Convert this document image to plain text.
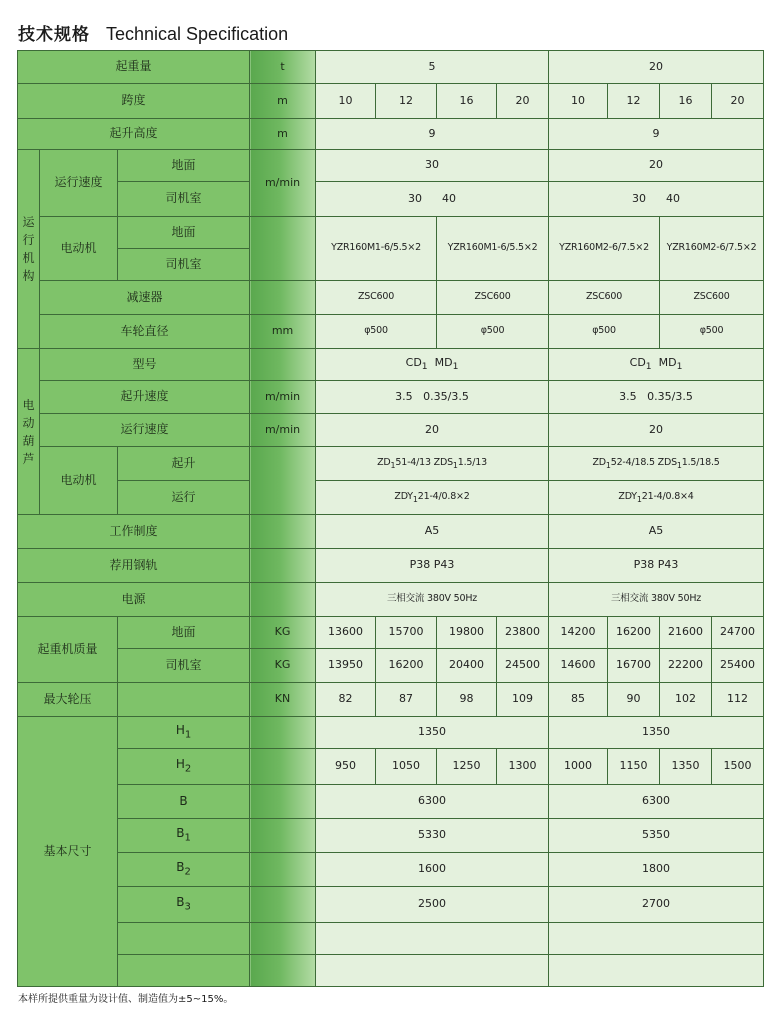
技术规格 Technical Specification
起重量			t	5				20			
跨度			m	10	12	16	20	10	12	16	20
起升高度			m	9				9			
运行机构	运行速度	地面	m/min	30				20			
		司机室		30 40				30 40			
	电动机	地面		YZR160M1-6/5.5×2		YZR160M1-6/5.5×2		YZR160M2-6/7.5×2		YZR160M2-6/7.5×2	
		司机室									
	减速器			ZSC600		ZSC600		ZSC600		ZSC600	
	车轮直径		mm	φ500		φ500		φ500		φ500	
电动葫芦	型号			$CD_1$ $MD_1$				$CD_1$ $MD_1$
	起升速度		m/min	3.5 0.35/3.5				3.5 0.35/3.5			
	运行速度		m/min	20				20			
	电动机	起升		$ZD_151-4/13$ $ZDS_11.5/13$				$ZD_152-4/18.5$ $ZDS_11.5/18.5$			
		运行		$ZDY_121-4/0.8\times 2$				$ZDY_121-4/0.8\times 4$			
工作制度				A5				A5			
荐用钢轨				P38 P43				P38 P43			
电源				三相交流 380V 50Hz				三相交流 380V 50Hz			
起重机质量		地面	KG	13600	15700	19800	23800	14200	16200	21600	24700
		司机室	KG	13950	16200	20400	24500	14600	16700	22200	25400
最大轮压			KN	82	87	98	109	85	90	102	112
基本尺寸		$H_1$		1350				1350			
		$H_2$		950	1050	1250	1300	1000	1150	1350	1500
		B		6300				6300			
		$B_1$		5330				5350			
		$B_2$		1600				1800			
		$B_3$		2500				2700			

本样所提供重量为设计值、制造值为±5~15%。
